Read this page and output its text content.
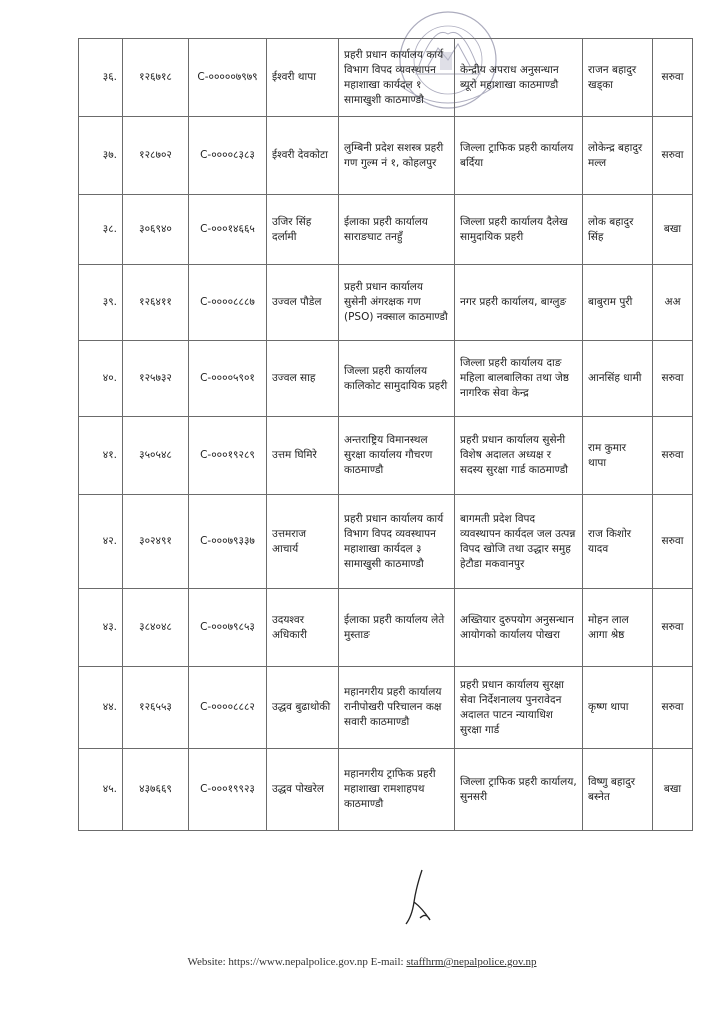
३६.	१२६७१८	C-०००००७९७९	ईश्वरी थापा	प्रहरी प्रधान कार्यालय कार्य विभाग विपद व्यवस्थापन महाशाखा कार्यदल १ सामाखुशी काठमाण्डौ	केन्द्रीय अपराध अनुसन्धान ब्यूरो महाशाखा काठमाण्डौ	राजन बहादुर खड्का	सरुवा
३७.	१२८७०२	C-००००८३८३	ईश्वरी देवकोटा	लुम्बिनी प्रदेश सशस्त्र प्रहरी गण गुल्म नं १, कोहलपुर	जिल्ला ट्राफिक प्रहरी कार्यालय बर्दिया	लोकेन्द्र बहादुर मल्ल	सरुवा
३८.	३०६९४०	C-०००१४६६५	उजिर सिंह दर्लामी	ईलाका प्रहरी कार्यालय साराङघाट तनहुँ	जिल्ला प्रहरी कार्यालय दैलेख सामुदायिक प्रहरी	लोक बहादुर सिंह	बखा
३९.	१२६४११	C-००००८८८७	उज्वल पौडेल	प्रहरी प्रधान कार्यालय सुसेनी अंगरक्षक गण (PSO) नक्साल काठमाण्डौ	नगर प्रहरी कार्यालय, बाग्लुङ	बाबुराम पुरी	अअ
४०.	१२५७३२	C-००००५९०१	उज्वल साह	जिल्ला प्रहरी कार्यालय कालिकोट सामुदायिक प्रहरी	जिल्ला प्रहरी कार्यालय दाङ महिला बालबालिका तथा जेष्ठ नागरिक सेवा केन्द्र	आनसिंह धामी	सरुवा
४१.	३५०५४८	C-०००१९२८९	उत्तम घिमिरे	अन्तराष्ट्रिय विमानस्थल सुरक्षा कार्यालय गौचरण काठमाण्डौ	प्रहरी प्रधान कार्यालय सुसेनी विशेष अदालत अध्यक्ष र सदस्य सुरक्षा गार्ड काठमाण्डौ	राम कुमार थापा	सरुवा
४२.	३०२४९१	C-०००७९३३७	उत्तमराज आचार्य	प्रहरी प्रधान कार्यालय कार्य विभाग विपद व्यवस्थापन महाशाखा कार्यदल ३ सामाखुसी काठमाण्डौ	बागमती प्रदेश विपद व्यवस्थापन कार्यदल जल उत्पन्न विपद खोजि तथा उद्धार समुह हेटौडा मकवानपुर	राज किशोर यादव	सरुवा
४३.	३८४०४८	C-०००७९८५३	उदयश्वर अधिकारी	ईलाका प्रहरी कार्यालय लेते मुस्ताङ	अख्तियार दुरुपयोग अनुसन्धान आयोगको कार्यालय पोखरा	मोहन लाल आगा श्रेष्ठ	सरुवा
४४.	१२६५५३	C-००००८८८२	उद्धव बुढाथोकी	महानगरीय प्रहरी कार्यालय रानीपोखरी परिचालन कक्ष सवारी काठमाण्डौ	प्रहरी प्रधान कार्यालय सुरक्षा सेवा निर्देशनालय पुनरावेदन अदालत पाटन न्यायाधिश सुरक्षा गार्ड	कृष्ण थापा	सरुवा
४५.	४३७६६९	C-०००१९९२३	उद्धव पोखरेल	महानगरीय ट्राफिक प्रहरी महाशाखा रामशाहपथ काठमाण्डौ	जिल्ला ट्राफिक प्रहरी कार्यालय, सुनसरी	विष्णु बहादुर बस्नेत	बखा
Website: https://www.nepalpolice.gov.np E-mail: staffhrm@nepalpolice.gov.np
